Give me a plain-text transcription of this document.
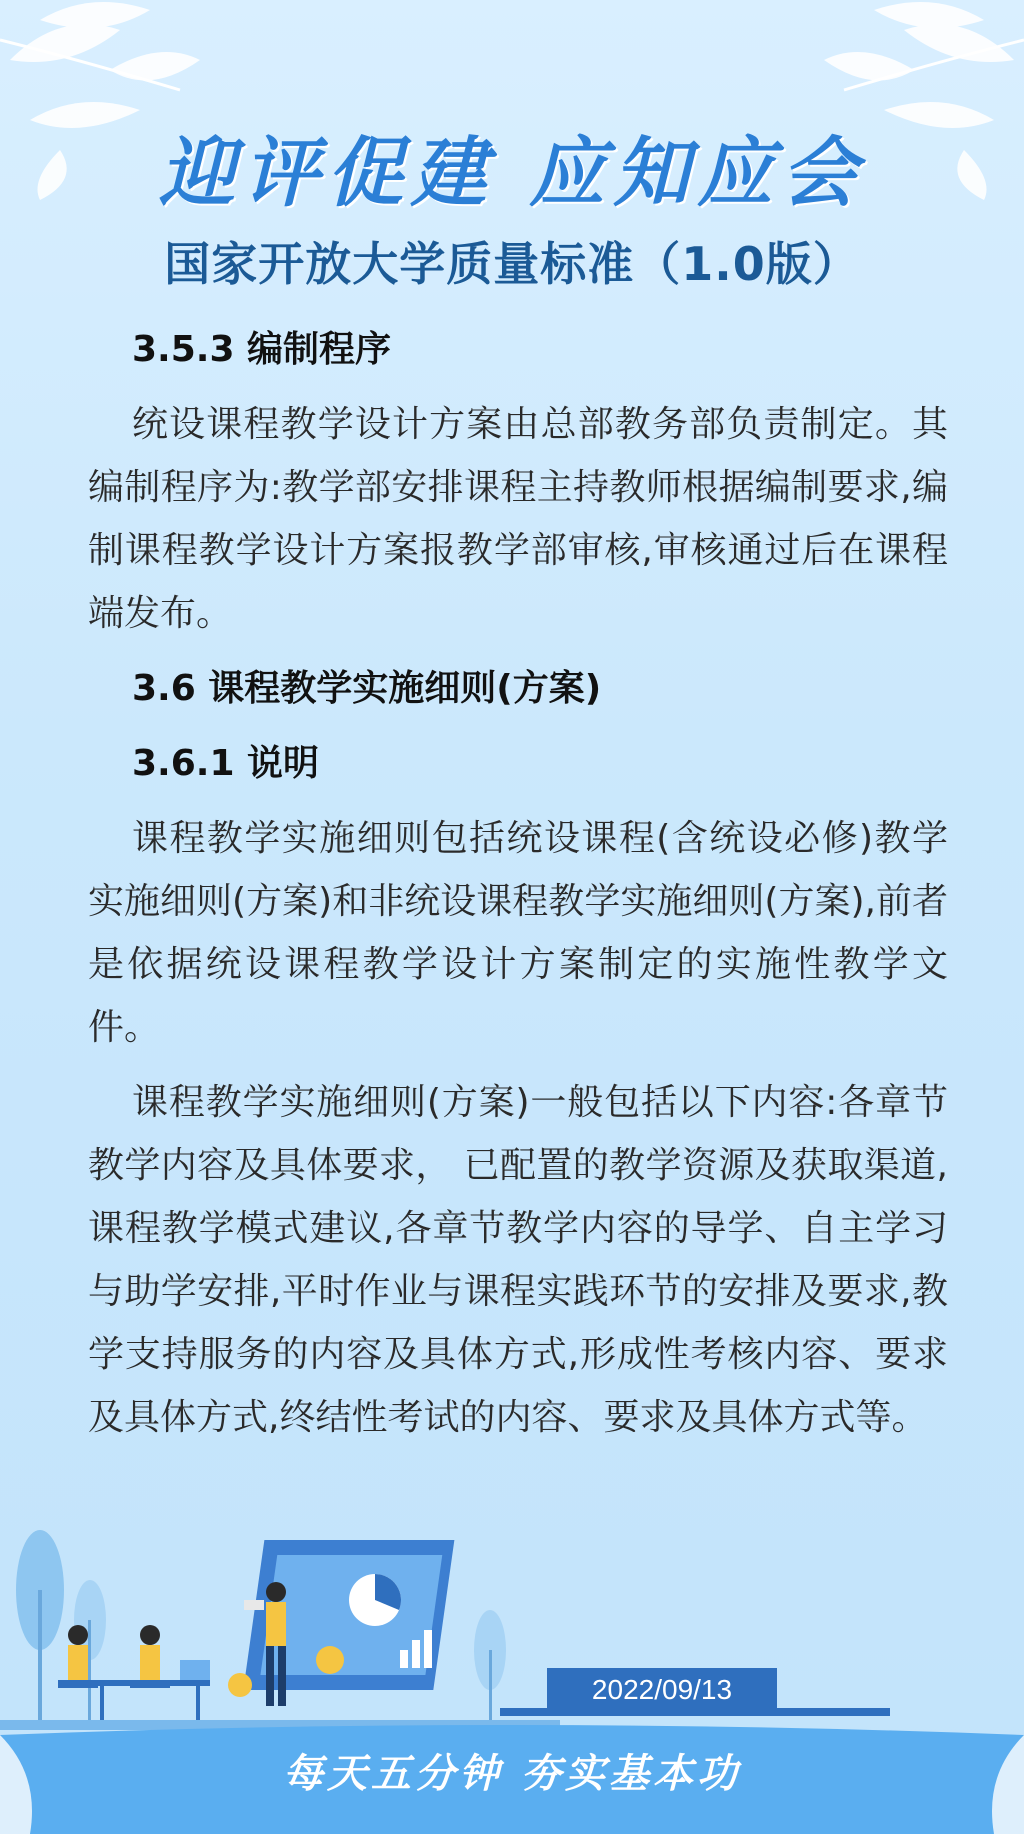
迎评促建 应知应会
国家开放大学质量标准（1.0版）
3.5.3 编制程序
统设课程教学设计方案由总部教务部负责制定。其编制程序为:教学部安排课程主持教师根据编制要求,编制课程教学设计方案报教学部审核,审核通过后在课程端发布。
3.6 课程教学实施细则(方案)
3.6.1 说明
课程教学实施细则包括统设课程(含统设必修)教学实施细则(方案)和非统设课程教学实施细则(方案),前者是依据统设课程教学设计方案制定的实施性教学文件。
课程教学实施细则(方案)一般包括以下内容:各章节教学内容及具体要求， 已配置的教学资源及获取渠道,课程教学模式建议,各章节教学内容的导学、自主学习与助学安排,平时作业与课程实践环节的安排及要求,教学支持服务的内容及具体方式,形成性考核内容、要求及具体方式,终结性考试的内容、要求及具体方式等。
2022/09/13
每天五分钟 夯实基本功
